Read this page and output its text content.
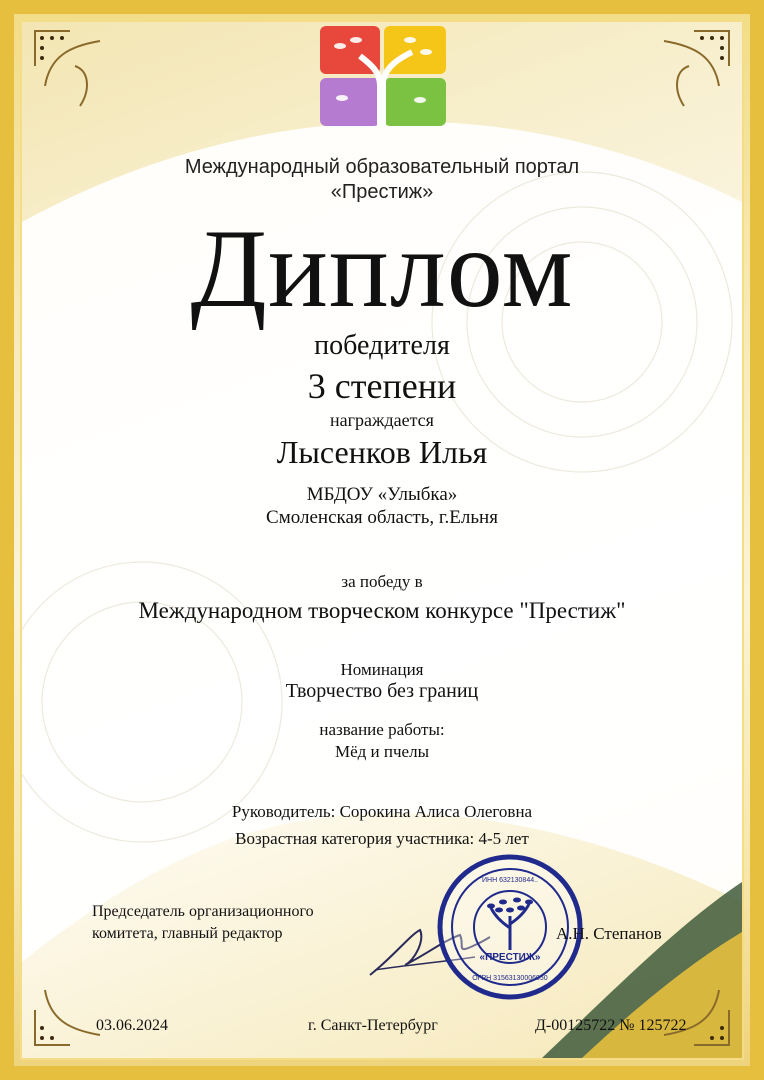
Международный образовательный портал
«Престиж»
Диплом
победителя
3 степени
награждается
Лысенков Илья
МБДОУ «Улыбка»
Смоленская область, г.Ельня
за победу в
Международном творческом конкурсе "Престиж"
Номинация
Творчество без границ
название работы:
Мёд и пчелы
Руководитель: Сорокина Алиса Олеговна
Возрастная категория участника: 4-5 лет
Председатель организационного
комитета, главный редактор
«ПРЕСТИЖ»
ИНН 632130844..
ОГРН 31563130006050
А.Н. Степанов
03.06.2024	г. Санкт-Петербург	Д-00125722 № 125722
